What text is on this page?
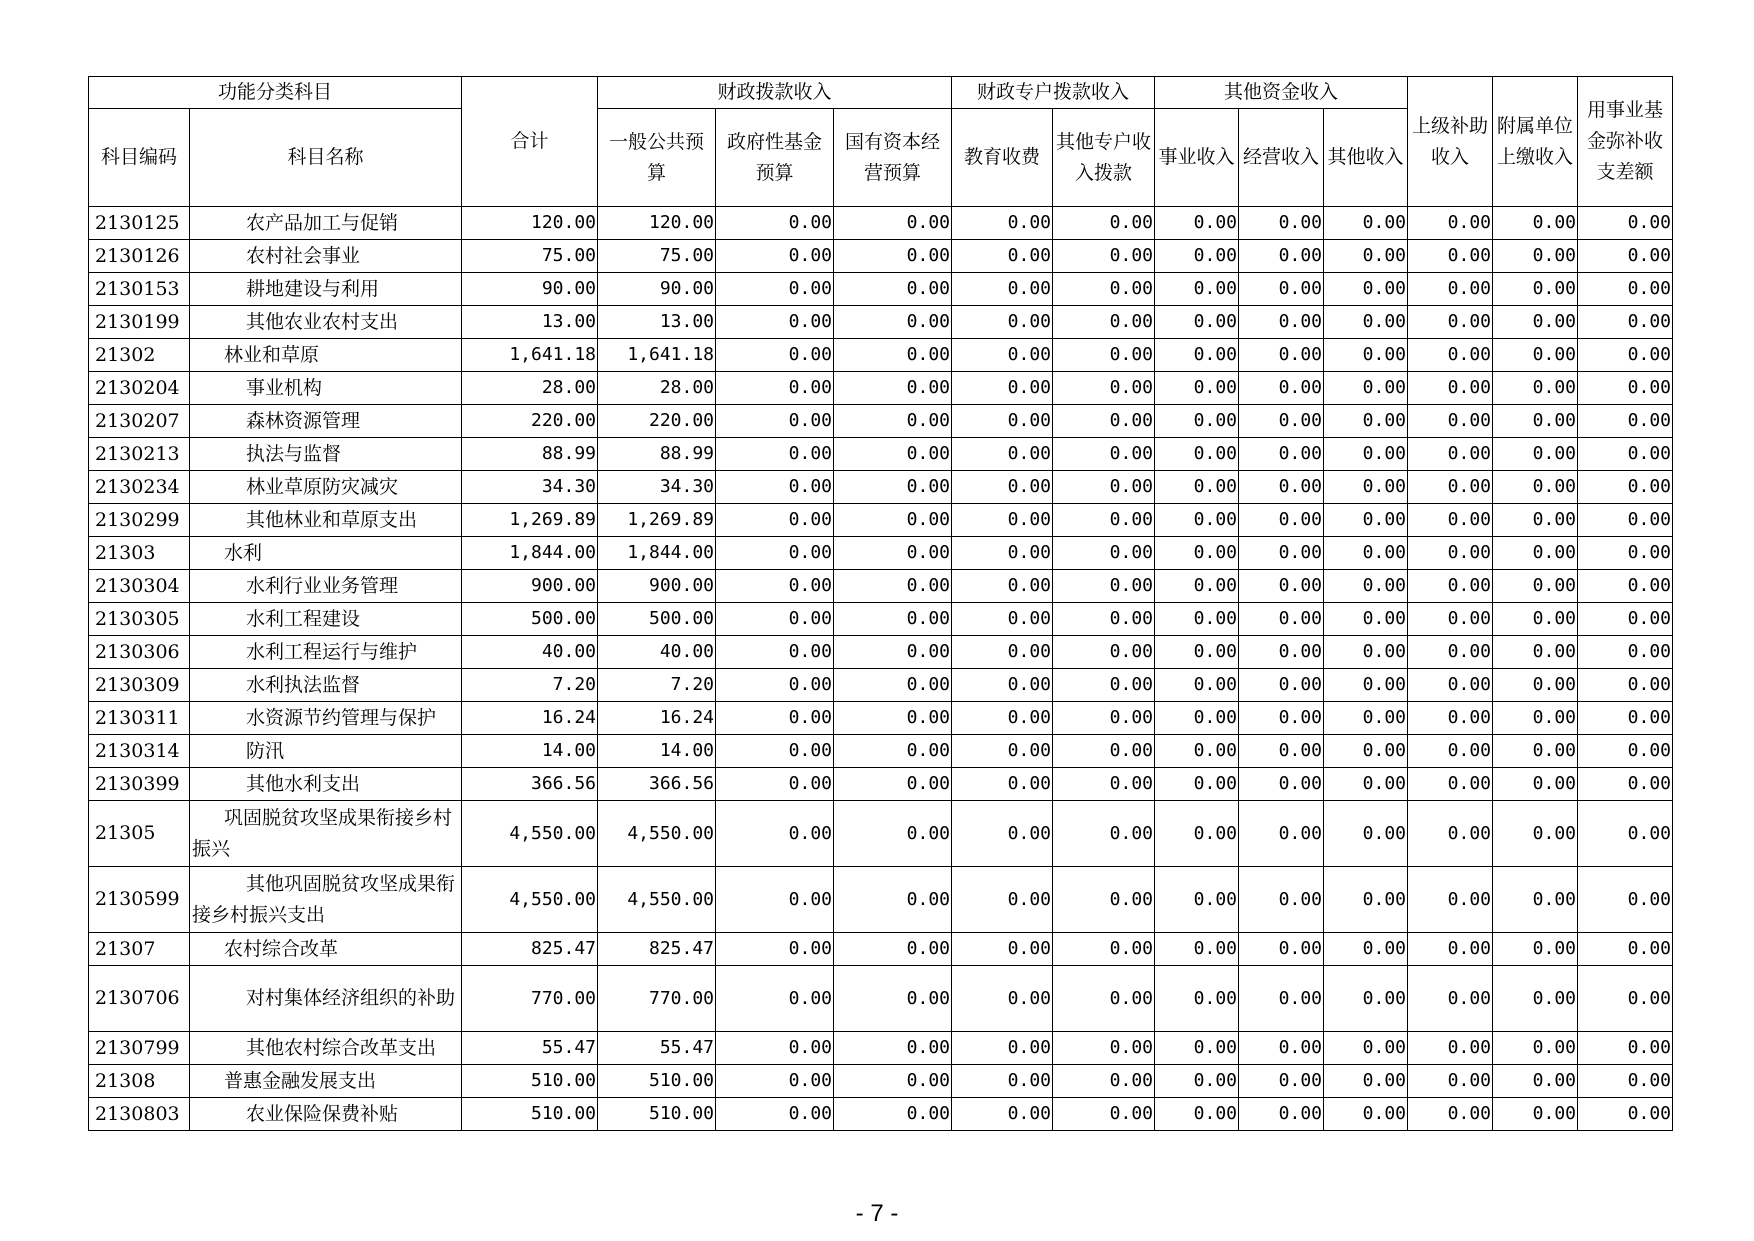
功能分类科目		合计	财政拨款收入			财政专户拨款收入		其他资金收入			上级补助收入	附属单位上缴收入	用事业基金弥补收支差额
科目编码	科目名称		一般公共预算	政府性基金预算	国有资本经营预算	教育收费	其他专户收入拨款	事业收入	经营收入	其他收入			
2130125	农产品加工与促销	120.00	120.00	0.00	0.00	0.00	0.00	0.00	0.00	0.00	0.00	0.00	0.00
2130126	农村社会事业	75.00	75.00	0.00	0.00	0.00	0.00	0.00	0.00	0.00	0.00	0.00	0.00
2130153	耕地建设与利用	90.00	90.00	0.00	0.00	0.00	0.00	0.00	0.00	0.00	0.00	0.00	0.00
2130199	其他农业农村支出	13.00	13.00	0.00	0.00	0.00	0.00	0.00	0.00	0.00	0.00	0.00	0.00
21302	林业和草原	1,641.18	1,641.18	0.00	0.00	0.00	0.00	0.00	0.00	0.00	0.00	0.00	0.00
2130204	事业机构	28.00	28.00	0.00	0.00	0.00	0.00	0.00	0.00	0.00	0.00	0.00	0.00
2130207	森林资源管理	220.00	220.00	0.00	0.00	0.00	0.00	0.00	0.00	0.00	0.00	0.00	0.00
2130213	执法与监督	88.99	88.99	0.00	0.00	0.00	0.00	0.00	0.00	0.00	0.00	0.00	0.00
2130234	林业草原防灾减灾	34.30	34.30	0.00	0.00	0.00	0.00	0.00	0.00	0.00	0.00	0.00	0.00
2130299	其他林业和草原支出	1,269.89	1,269.89	0.00	0.00	0.00	0.00	0.00	0.00	0.00	0.00	0.00	0.00
21303	水利	1,844.00	1,844.00	0.00	0.00	0.00	0.00	0.00	0.00	0.00	0.00	0.00	0.00
2130304	水利行业业务管理	900.00	900.00	0.00	0.00	0.00	0.00	0.00	0.00	0.00	0.00	0.00	0.00
2130305	水利工程建设	500.00	500.00	0.00	0.00	0.00	0.00	0.00	0.00	0.00	0.00	0.00	0.00
2130306	水利工程运行与维护	40.00	40.00	0.00	0.00	0.00	0.00	0.00	0.00	0.00	0.00	0.00	0.00
2130309	水利执法监督	7.20	7.20	0.00	0.00	0.00	0.00	0.00	0.00	0.00	0.00	0.00	0.00
2130311	水资源节约管理与保护	16.24	16.24	0.00	0.00	0.00	0.00	0.00	0.00	0.00	0.00	0.00	0.00
2130314	防汛	14.00	14.00	0.00	0.00	0.00	0.00	0.00	0.00	0.00	0.00	0.00	0.00
2130399	其他水利支出	366.56	366.56	0.00	0.00	0.00	0.00	0.00	0.00	0.00	0.00	0.00	0.00
21305	巩固脱贫攻坚成果衔接乡村振兴	4,550.00	4,550.00	0.00	0.00	0.00	0.00	0.00	0.00	0.00	0.00	0.00	0.00
2130599	其他巩固脱贫攻坚成果衔接乡村振兴支出	4,550.00	4,550.00	0.00	0.00	0.00	0.00	0.00	0.00	0.00	0.00	0.00	0.00
21307	农村综合改革	825.47	825.47	0.00	0.00	0.00	0.00	0.00	0.00	0.00	0.00	0.00	0.00
2130706	对村集体经济组织的补助	770.00	770.00	0.00	0.00	0.00	0.00	0.00	0.00	0.00	0.00	0.00	0.00
2130799	其他农村综合改革支出	55.47	55.47	0.00	0.00	0.00	0.00	0.00	0.00	0.00	0.00	0.00	0.00
21308	普惠金融发展支出	510.00	510.00	0.00	0.00	0.00	0.00	0.00	0.00	0.00	0.00	0.00	0.00
2130803	农业保险保费补贴	510.00	510.00	0.00	0.00	0.00	0.00	0.00	0.00	0.00	0.00	0.00	0.00
- 7 -
